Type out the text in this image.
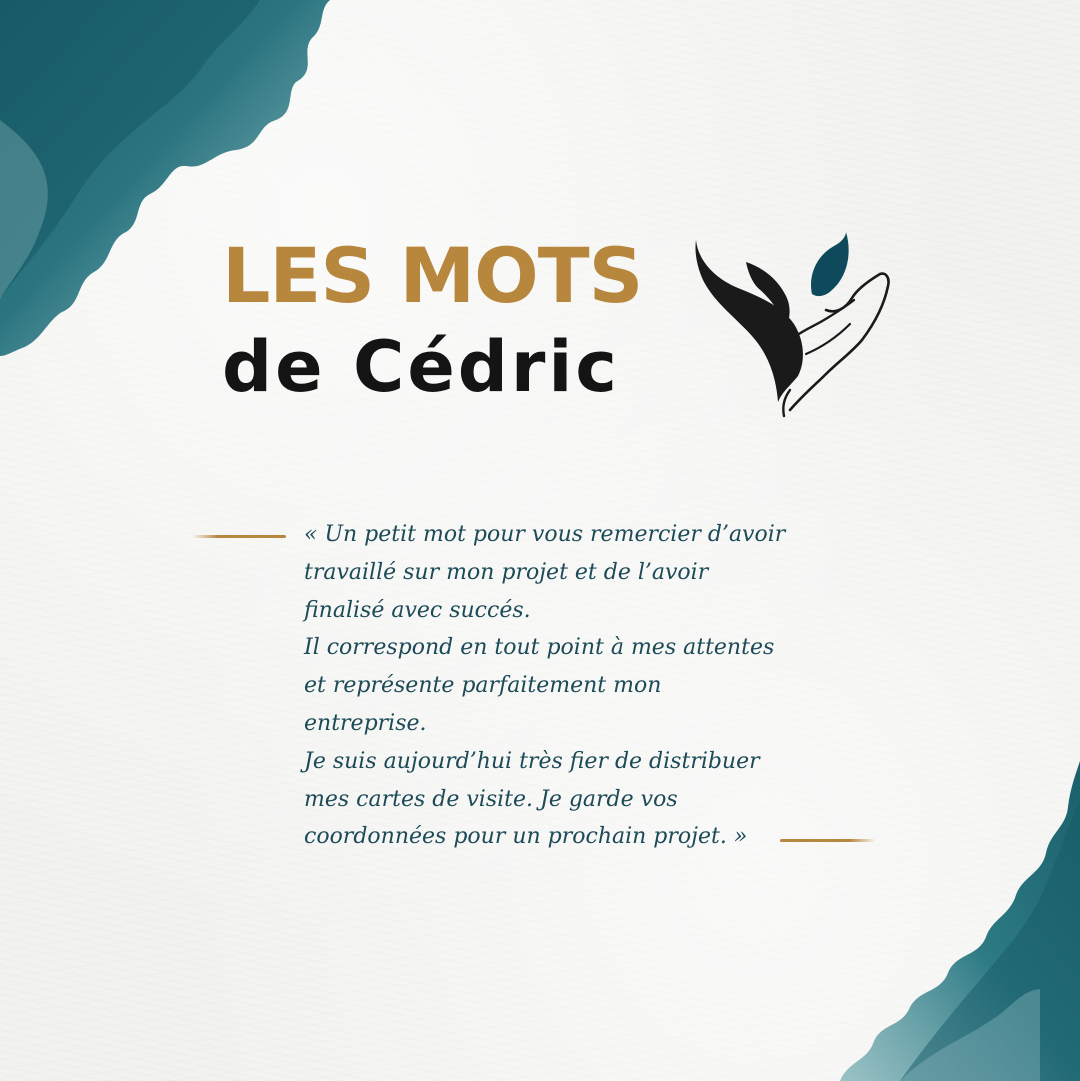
LES MOTS
de Cédric

« Un petit mot pour vous remercier d’avoir
travaillé sur mon projet et de l’avoir
finalisé avec succés.
Il correspond en tout point à mes attentes
et représente parfaitement mon
entreprise.
Je suis aujourd’hui très fier de distribuer
mes cartes de visite. Je garde vos
coordonnées pour un prochain projet. »
